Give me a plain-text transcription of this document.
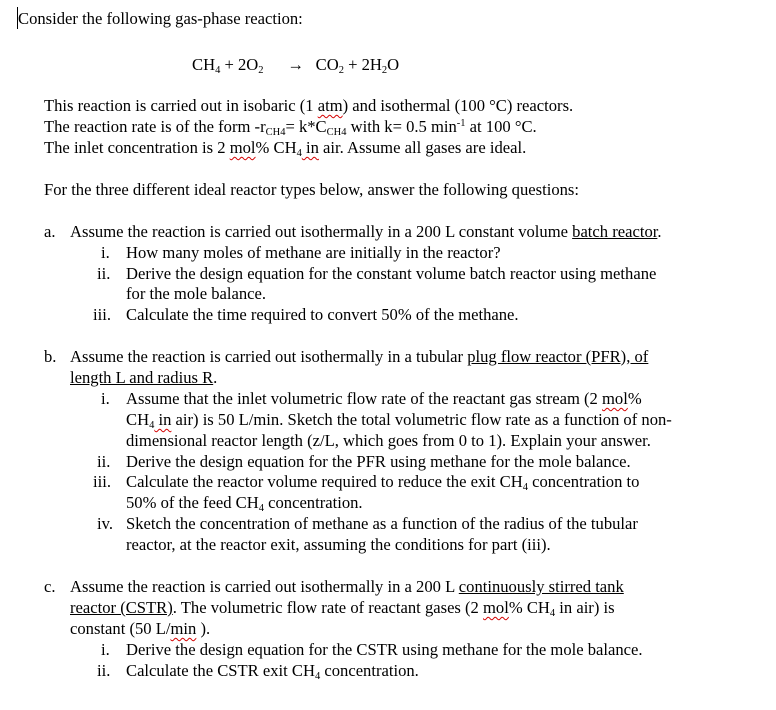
Consider the following gas-phase reaction:
$CH_4 + 2O_2 \to CO_2 + 2H_2O$
This reaction is carried out in isobaric (1 atm) and isothermal (100 °C) reactors.
The reaction rate is of the form $-r_{CH4}= k*C_{CH4}$ with k= 0.5 $\min^{-1}$ at 100 °C.
The inlet concentration is 2 mol% $CH_4$ in air. Assume all gases are ideal.
For the three different ideal reactor types below, answer the following questions:
a. Assume the reaction is carried out isothermally in a 200 L constant volume batch reactor.
i. How many moles of methane are initially in the reactor?
ii. Derive the design equation for the constant volume batch reactor using methane
for the mole balance.
iii. Calculate the time required to convert 50% of the methane.
b. Assume the reaction is carried out isothermally in a tubular plug flow reactor (PFR), of
length L and radius R.
i. Assume that the inlet volumetric flow rate of the reactant gas stream (2 mol%
$CH_4$ in air) is 50 L/min. Sketch the total volumetric flow rate as a function of non-
dimensional reactor length (z/L, which goes from 0 to 1). Explain your answer.
ii. Derive the design equation for the PFR using methane for the mole balance.
iii. Calculate the reactor volume required to reduce the exit $CH_4$ concentration to
50% of the feed $CH_4$ concentration.
iv. Sketch the concentration of methane as a function of the radius of the tubular
reactor, at the reactor exit, assuming the conditions for part (iii).
c. Assume the reaction is carried out isothermally in a 200 L continuously stirred tank
reactor (CSTR). The volumetric flow rate of reactant gases (2 mol% $CH_4$ in air) is
constant (50 L/min ).
i. Derive the design equation for the CSTR using methane for the mole balance.
ii. Calculate the CSTR exit $CH_4$ concentration.
